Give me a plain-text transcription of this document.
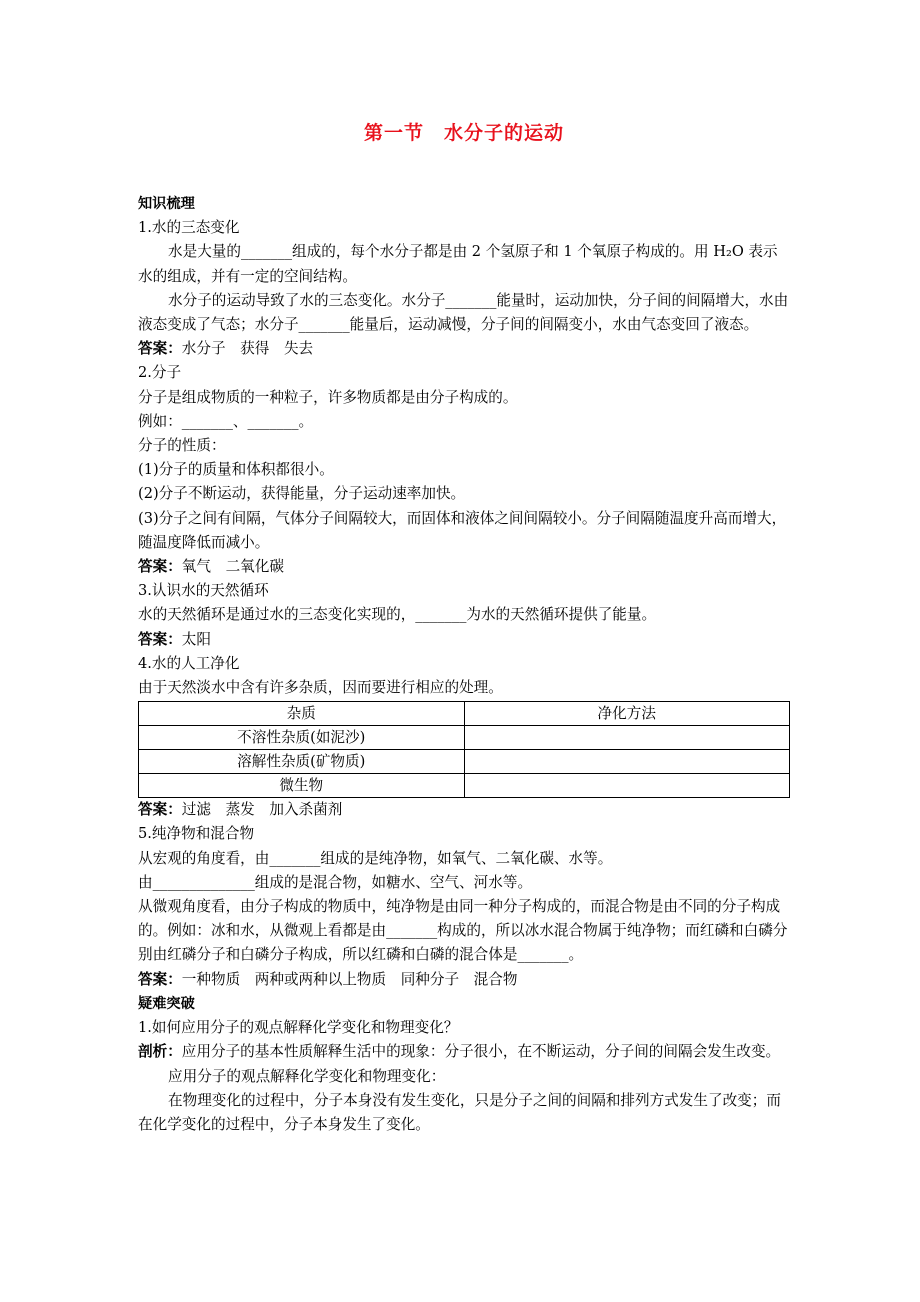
第一节　水分子的运动

知识梳理

1.水的三态变化

水是大量的_______组成的，每个水分子都是由 2 个氢原子和 1 个氧原子构成的。用 H₂O 表示水的组成，并有一定的空间结构。

水分子的运动导致了水的三态变化。水分子_______能量时，运动加快，分子间的间隔增大，水由液态变成了气态；水分子_______能量后，运动减慢，分子间的间隔变小，水由气态变回了液态。

答案：水分子　获得　失去

2.分子

分子是组成物质的一种粒子，许多物质都是由分子构成的。

例如：_______、_______。

分子的性质：

(1)分子的质量和体积都很小。

(2)分子不断运动，获得能量，分子运动速率加快。

(3)分子之间有间隔，气体分子间隔较大，而固体和液体之间间隔较小。分子间隔随温度升高而增大，随温度降低而减小。

答案：氧气　二氧化碳

3.认识水的天然循环

水的天然循环是通过水的三态变化实现的，_______为水的天然循环提供了能量。

答案：太阳

4.水的人工净化

由于天然淡水中含有许多杂质，因而要进行相应的处理。

杂质	净化方法
不溶性杂质(如泥沙)	
溶解性杂质(矿物质)	
微生物	

答案：过滤　蒸发　加入杀菌剂

5.纯净物和混合物

从宏观的角度看，由_______组成的是纯净物，如氧气、二氧化碳、水等。

由______________组成的是混合物，如糖水、空气、河水等。

从微观角度看，由分子构成的物质中，纯净物是由同一种分子构成的，而混合物是由不同的分子构成的。例如：冰和水，从微观上看都是由_______构成的，所以冰水混合物属于纯净物；而红磷和白磷分别由红磷分子和白磷分子构成，所以红磷和白磷的混合体是_______。

答案：一种物质　两种或两种以上物质　同种分子　混合物

疑难突破

1.如何应用分子的观点解释化学变化和物理变化？

剖析：应用分子的基本性质解释生活中的现象：分子很小，在不断运动，分子间的间隔会发生改变。

应用分子的观点解释化学变化和物理变化：

在物理变化的过程中，分子本身没有发生变化，只是分子之间的间隔和排列方式发生了改变；而在化学变化的过程中，分子本身发生了变化。
